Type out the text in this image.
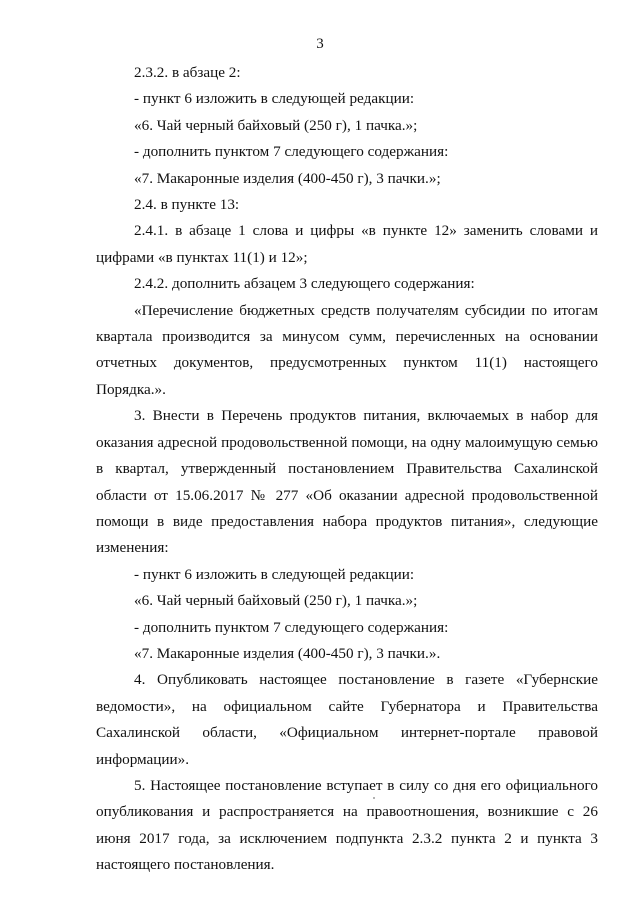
3

2.3.2. в абзаце 2:

- пункт 6 изложить в следующей редакции:

«6. Чай черный байховый (250 г), 1 пачка.»;

- дополнить пунктом 7 следующего содержания:

«7. Макаронные изделия (400-450 г), 3 пачки.»;

2.4. в пункте 13:

2.4.1. в абзаце 1 слова и цифры «в пункте 12» заменить словами и цифрами «в пунктах 11(1) и 12»;

2.4.2. дополнить абзацем 3 следующего содержания:

«Перечисление бюджетных средств получателям субсидии по итогам квартала производится за минусом сумм, перечисленных на основании отчетных документов, предусмотренных пунктом 11(1) настоящего Порядка.».

3. Внести в Перечень продуктов питания, включаемых в набор для оказания адресной продовольственной помощи, на одну малоимущую семью в квартал, утвержденный постановлением Правительства Сахалинской области от 15.06.2017 № 277 «Об оказании адресной продовольственной помощи в виде предоставления набора продуктов питания», следующие изменения:

- пункт 6 изложить в следующей редакции:

«6. Чай черный байховый (250 г), 1 пачка.»;

- дополнить пунктом 7 следующего содержания:

«7. Макаронные изделия (400-450 г), 3 пачки.».

4. Опубликовать настоящее постановление в газете «Губернские ведомости», на официальном сайте Губернатора и Правительства Сахалинской области, «Официальном интернет-портале правовой информации».

5. Настоящее постановление вступает в силу со дня его официального опубликования и распространяется на правоотношения, возникшие с 26 июня 2017 года, за исключением подпункта 2.3.2 пункта 2 и пункта 3 настоящего постановления.
